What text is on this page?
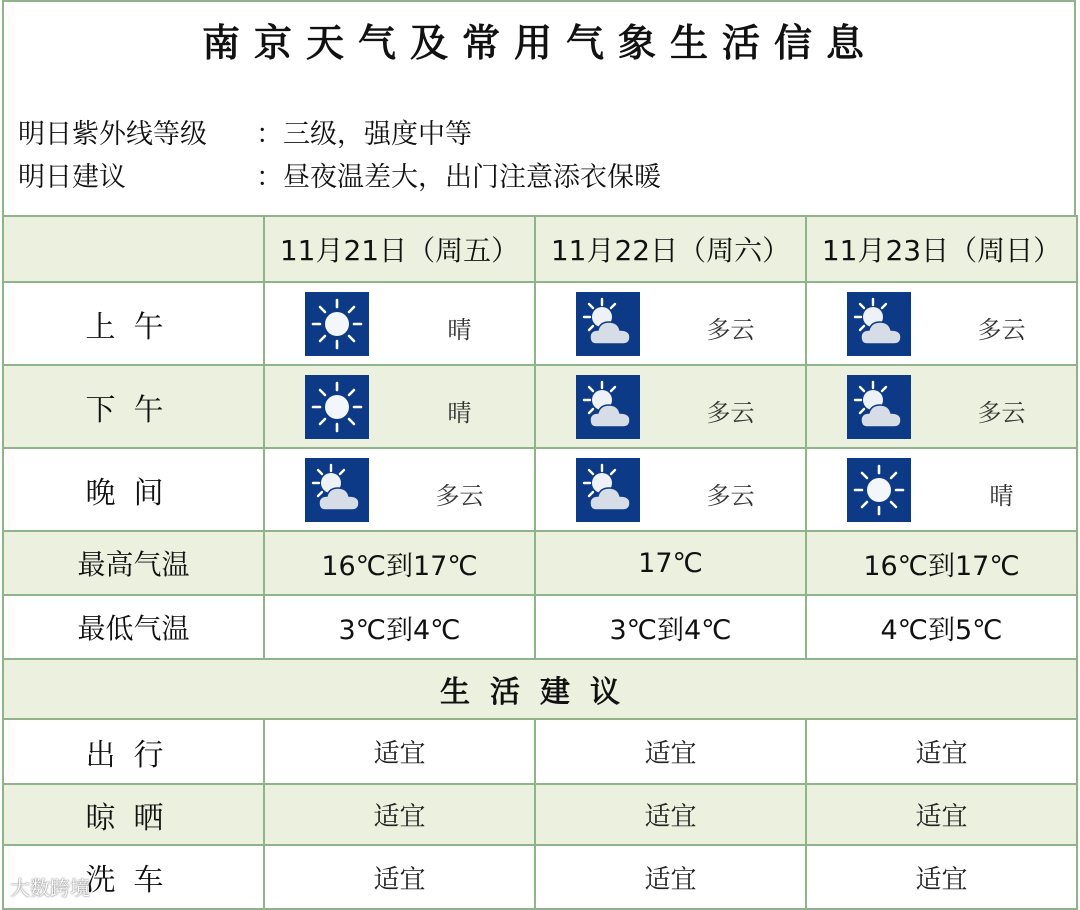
南京天气及常用气象生活信息
明日紫外线等级 ：三级，强度中等
明日建议	：昼夜温差大，出门注意添衣保暖
	11月21日（周五）	11月22日（周六）	11月23日（周日）
上午	晴	多云	多云

下午	晴	多云	多云

晚间	多云	多云	晴

最高气温	16℃到17℃	17℃	16℃到17℃
最低气温	3℃到4℃	3℃到4℃	4℃到5℃
生活建议			
出行	适宜	适宜	适宜
晾晒	适宜	适宜	适宜
洗车	适宜	适宜	适宜
大数跨境
